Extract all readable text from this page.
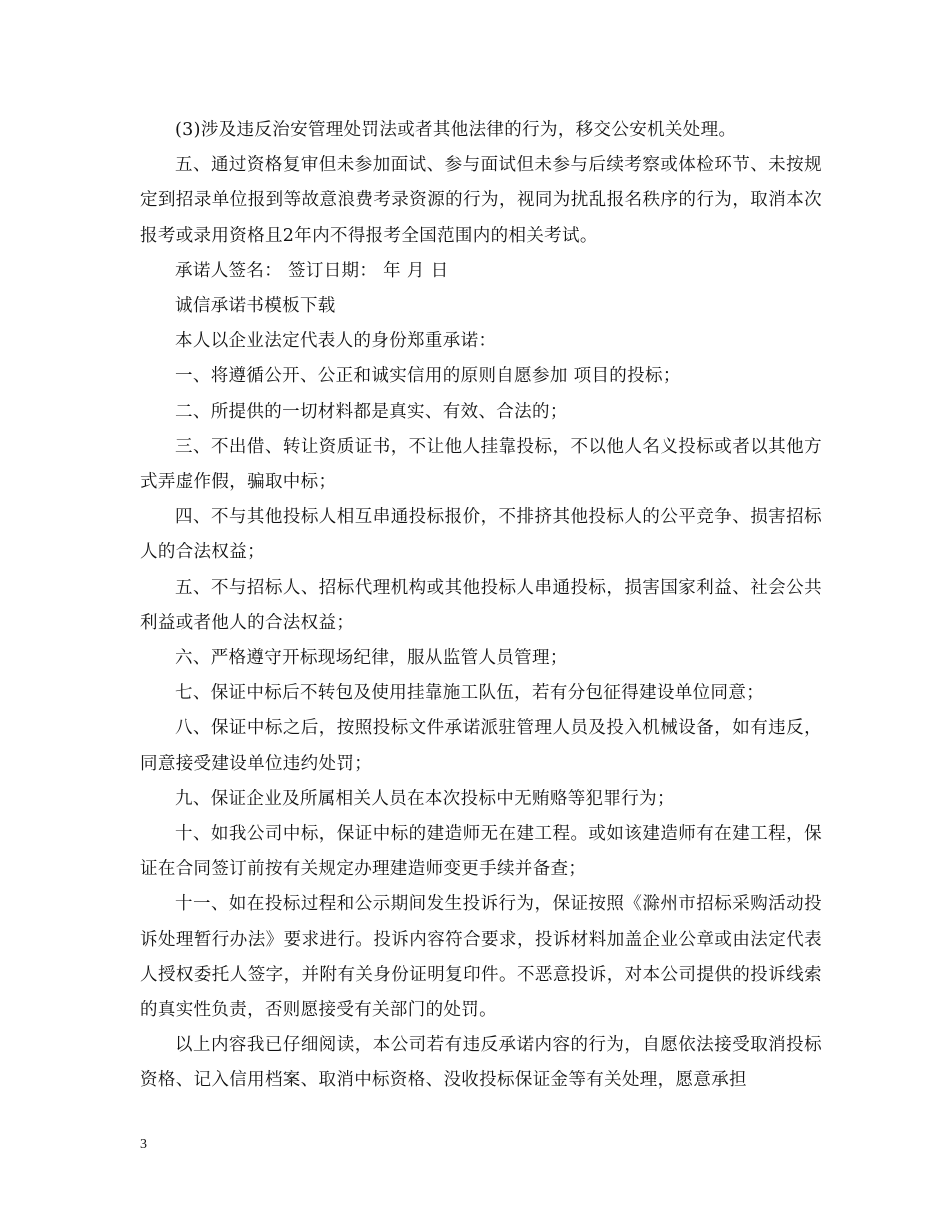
(3)涉及违反治安管理处罚法或者其他法律的行为，移交公安机关处理。

五、通过资格复审但未参加面试、参与面试但未参与后续考察或体检环节、未按规定到招录单位报到等故意浪费考录资源的行为，视同为扰乱报名秩序的行为，取消本次报考或录用资格且2年内不得报考全国范围内的相关考试。

承诺人签名： 签订日期： 年 月 日

诚信承诺书模板下载

本人以企业法定代表人的身份郑重承诺：

一、将遵循公开、公正和诚实信用的原则自愿参加 项目的投标；

二、所提供的一切材料都是真实、有效、合法的；

三、不出借、转让资质证书，不让他人挂靠投标，不以他人名义投标或者以其他方式弄虚作假，骗取中标；

四、不与其他投标人相互串通投标报价，不排挤其他投标人的公平竞争、损害招标人的合法权益；

五、不与招标人、招标代理机构或其他投标人串通投标，损害国家利益、社会公共利益或者他人的合法权益；

六、严格遵守开标现场纪律，服从监管人员管理；

七、保证中标后不转包及使用挂靠施工队伍，若有分包征得建设单位同意；

八、保证中标之后，按照投标文件承诺派驻管理人员及投入机械设备，如有违反，同意接受建设单位违约处罚；

九、保证企业及所属相关人员在本次投标中无贿赂等犯罪行为；

十、如我公司中标，保证中标的建造师无在建工程。或如该建造师有在建工程，保证在合同签订前按有关规定办理建造师变更手续并备查；

十一、如在投标过程和公示期间发生投诉行为，保证按照《滁州市招标采购活动投诉处理暂行办法》要求进行。投诉内容符合要求，投诉材料加盖企业公章或由法定代表人授权委托人签字，并附有关身份证明复印件。不恶意投诉，对本公司提供的投诉线索的真实性负责，否则愿接受有关部门的处罚。

以上内容我已仔细阅读，本公司若有违反承诺内容的行为，自愿依法接受取消投标资格、记入信用档案、取消中标资格、没收投标保证金等有关处理，愿意承担

3
